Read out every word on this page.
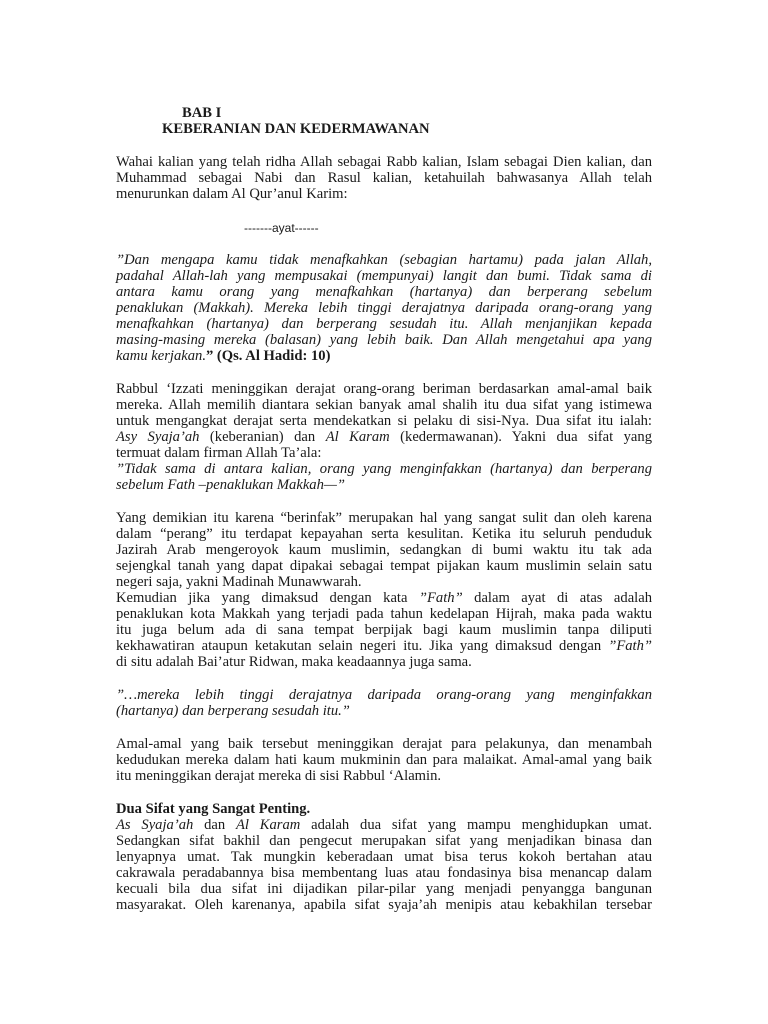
BAB I
KEBERANIAN DAN KEDERMAWANAN

Wahai kalian yang telah ridha Allah sebagai Rabb kalian, Islam sebagai Dien kalian, dan

Muhammad sebagai Nabi dan Rasul kalian, ketahuilah bahwasanya Allah telah

menurunkan dalam Al Qur’anul Karim:

-------ayat------

”Dan mengapa kamu tidak menafkahkan (sebagian hartamu) pada jalan Allah,

padahal Allah-lah yang mempusakai (mempunyai) langit dan bumi. Tidak sama di

antara kamu orang yang menafkahkan (hartanya) dan berperang sebelum

penaklukan (Makkah). Mereka lebih tinggi derajatnya daripada orang-orang yang

menafkahkan (hartanya) dan berperang sesudah itu. Allah menjanjikan kepada

masing-masing mereka (balasan) yang lebih baik. Dan Allah mengetahui apa yang

kamu kerjakan.” (Qs. Al Hadid: 10)

Rabbul ‘Izzati meninggikan derajat orang-orang beriman berdasarkan amal-amal baik

mereka. Allah memilih diantara sekian banyak amal shalih itu dua sifat yang istimewa

untuk mengangkat derajat serta mendekatkan si pelaku di sisi-Nya. Dua sifat itu ialah:

Asy Syaja’ah (keberanian) dan Al Karam (kedermawanan). Yakni dua sifat yang

termuat dalam firman Allah Ta’ala:

”Tidak sama di antara kalian, orang yang menginfakkan (hartanya) dan berperang

sebelum Fath –penaklukan Makkah—”

Yang demikian itu karena “berinfak” merupakan hal yang sangat sulit dan oleh karena

dalam “perang” itu terdapat kepayahan serta kesulitan. Ketika itu seluruh penduduk

Jazirah Arab mengeroyok kaum muslimin, sedangkan di bumi waktu itu tak ada

sejengkal tanah yang dapat dipakai sebagai tempat pijakan kaum muslimin selain satu

negeri saja, yakni Madinah Munawwarah.

Kemudian jika yang dimaksud dengan kata ”Fath” dalam ayat di atas adalah

penaklukan kota Makkah yang terjadi pada tahun kedelapan Hijrah, maka pada waktu

itu juga belum ada di sana tempat berpijak bagi kaum muslimin tanpa diliputi

kekhawatiran ataupun ketakutan selain negeri itu. Jika yang dimaksud dengan ”Fath”

di situ adalah Bai’atur Ridwan, maka keadaannya juga sama.

”…mereka lebih tinggi derajatnya daripada orang-orang yang menginfakkan

(hartanya) dan berperang sesudah itu.”

Amal-amal yang baik tersebut meninggikan derajat para pelakunya, dan menambah

kedudukan mereka dalam hati kaum mukminin dan para malaikat. Amal-amal yang baik

itu meninggikan derajat mereka di sisi Rabbul ‘Alamin.

Dua Sifat yang Sangat Penting.

As Syaja’ah dan Al Karam adalah dua sifat yang mampu menghidupkan umat.

Sedangkan sifat bakhil dan pengecut merupakan sifat yang menjadikan binasa dan

lenyapnya umat. Tak mungkin keberadaan umat bisa terus kokoh bertahan atau

cakrawala peradabannya bisa membentang luas atau fondasinya bisa menancap dalam

kecuali bila dua sifat ini dijadikan pilar-pilar yang menjadi penyangga bangunan

masyarakat. Oleh karenanya, apabila sifat syaja’ah menipis atau kebakhilan tersebar
